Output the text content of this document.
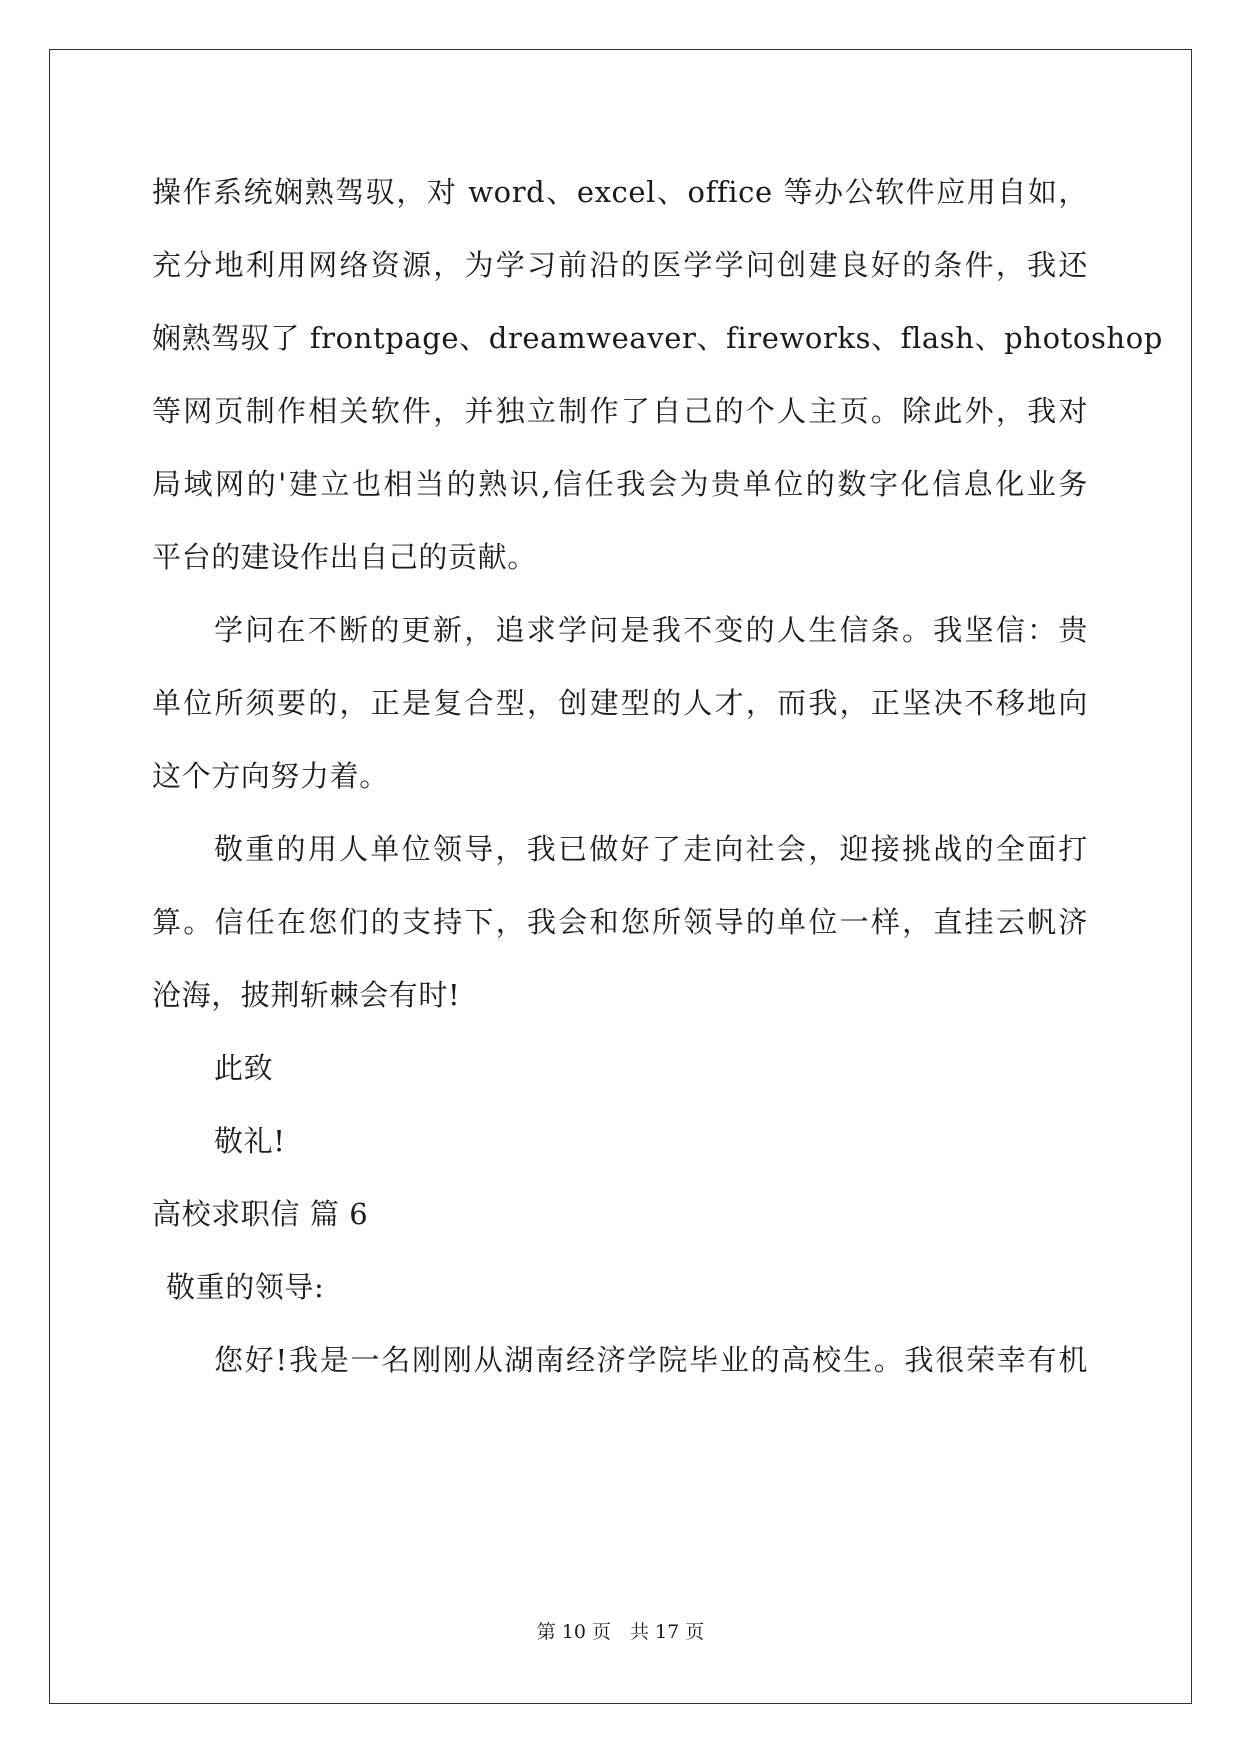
操作系统娴熟驾驭，对 word、excel、office 等办公软件应用自如，
充分地利用网络资源，为学习前沿的医学学问创建良好的条件，我还
娴熟驾驭了 frontpage、dreamweaver、fireworks、flash、photoshop
等网页制作相关软件，并独立制作了自己的个人主页。除此外，我对
局域网的'建立也相当的熟识,信任我会为贵单位的数字化信息化业务
平台的建设作出自己的贡献。
学问在不断的更新，追求学问是我不变的人生信条。我坚信：贵
单位所须要的，正是复合型，创建型的人才，而我，正坚决不移地向
这个方向努力着。
敬重的用人单位领导，我已做好了走向社会，迎接挑战的全面打
算。信任在您们的支持下，我会和您所领导的单位一样，直挂云帆济
沧海，披荆斩棘会有时!
此致
敬礼!
高校求职信 篇 6
敬重的领导:
您好!我是一名刚刚从湖南经济学院毕业的高校生。我很荣幸有机
第 10 页　共 17 页
